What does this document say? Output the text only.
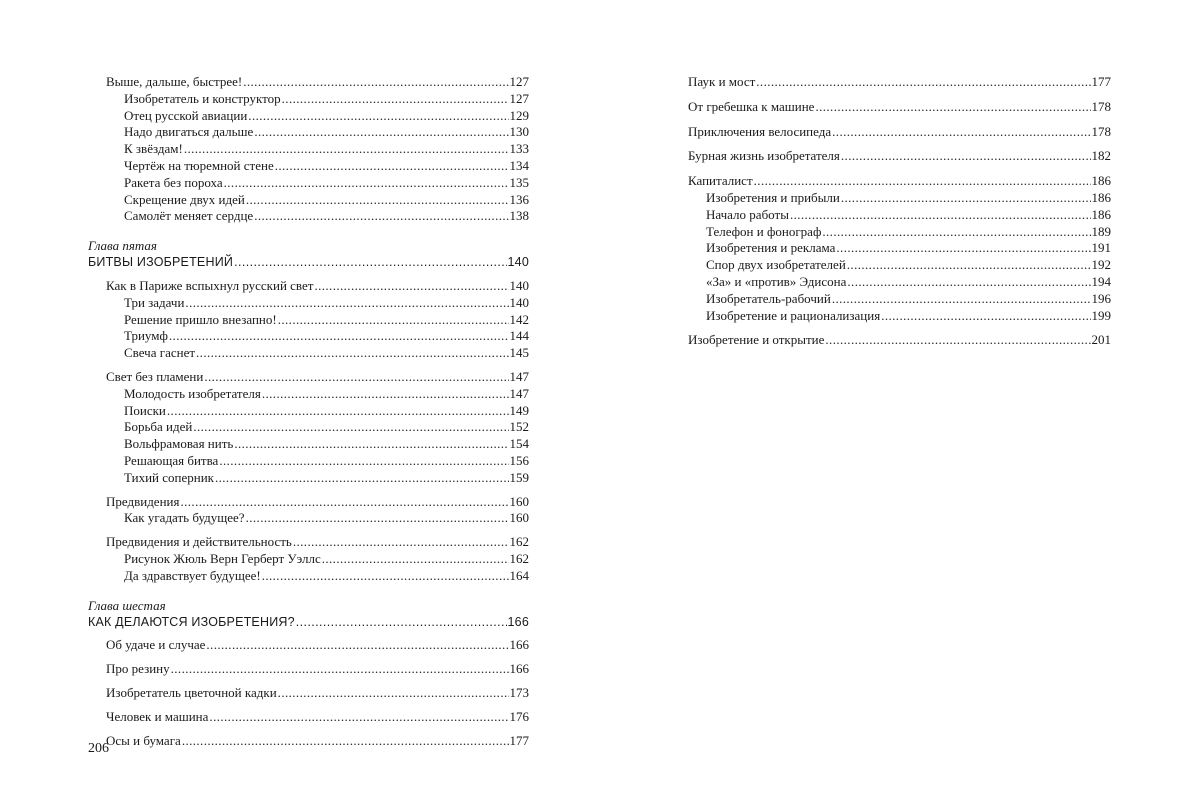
Выше, дальше, быстрее! .....	127
Изобретатель и конструктор .....	127
Отец русской авиации .....	129
Надо двигаться дальше .....	130
К звёздам! .....	133
Чертёж на тюремной стене .....	134
Ракета без пороха .....	135
Скрещение двух идей .....	136
Самолёт меняет сердце .....	138
Глава пятая
БИТВЫ ИЗОБРЕТЕНИЙ .....	140
Как в Париже вспыхнул русский свет .....	140
Три задачи .....	140
Решение пришло внезапно! .....	142
Триумф .....	144
Свеча гаснет .....	145
Свет без пламени .....	147
Молодость изобретателя .....	147
Поиски .....	149
Борьба идей .....	152
Вольфрамовая нить .....	154
Решающая битва .....	156
Тихий соперник .....	159
Предвидения .....	160
Как угадать будущее? .....	160
Предвидения и действительность .....	162
Рисунок Жюль Верн Герберт Уэллс .....	162
Да здравствует будущее! .....	164
Глава шестая
КАК ДЕЛАЮТСЯ ИЗОБРЕТЕНИЯ? .....	166
Об удаче и случае .....	166
Про резину .....	166
Изобретатель цветочной кадки .....	173
Человек и машина .....	176
Осы и бумага .....	177
Паук и мост .....	177
От гребешка к машине .....	178
Приключения велосипеда .....	178
Бурная жизнь изобретателя .....	182
Капиталист .....	186
Изобретения и прибыли .....	186
Начало работы .....	186
Телефон и фонограф .....	189
Изобретения и реклама .....	191
Спор двух изобретателей .....	192
«За» и «против» Эдисона .....	194
Изобретатель-рабочий .....	196
Изобретение и рационализация .....	199
Изобретение и открытие .....	201
206
